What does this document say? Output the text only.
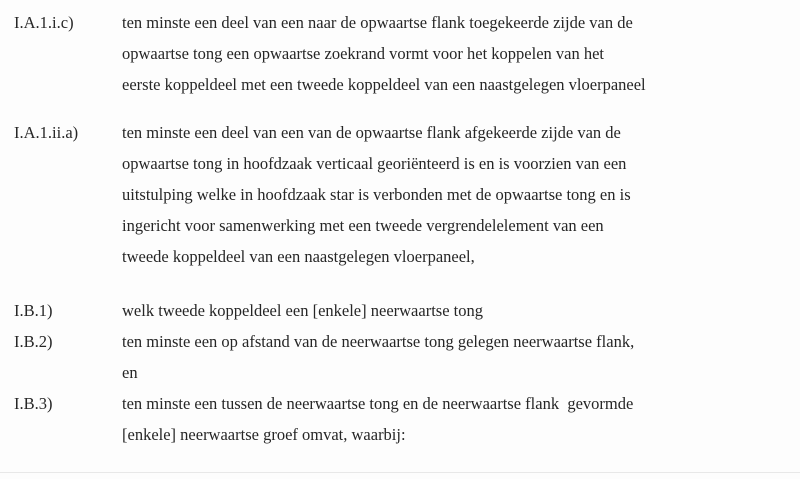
I.A.1.i.c)	ten minste een deel van een naar de opwaartse flank toegekeerde zijde van de
opwaartse tong een opwaartse zoekrand vormt voor het koppelen van het
eerste koppeldeel met een tweede koppeldeel van een naastgelegen vloerpaneel
I.A.1.ii.a)	ten minste een deel van een van de opwaartse flank afgekeerde zijde van de
opwaartse tong in hoofdzaak verticaal georiënteerd is en is voorzien van een
uitstulping welke in hoofdzaak star is verbonden met de opwaartse tong en is
ingericht voor samenwerking met een tweede vergrendelelement van een
tweede koppeldeel van een naastgelegen vloerpaneel,
I.B.1)	welk tweede koppeldeel een [enkele] neerwaartse tong
I.B.2)	ten minste een op afstand van de neerwaartse tong gelegen neerwaartse flank,
en
I.B.3)	ten minste een tussen de neerwaartse tong en de neerwaartse flank  gevormde
[enkele] neerwaartse groef omvat, waarbij:
